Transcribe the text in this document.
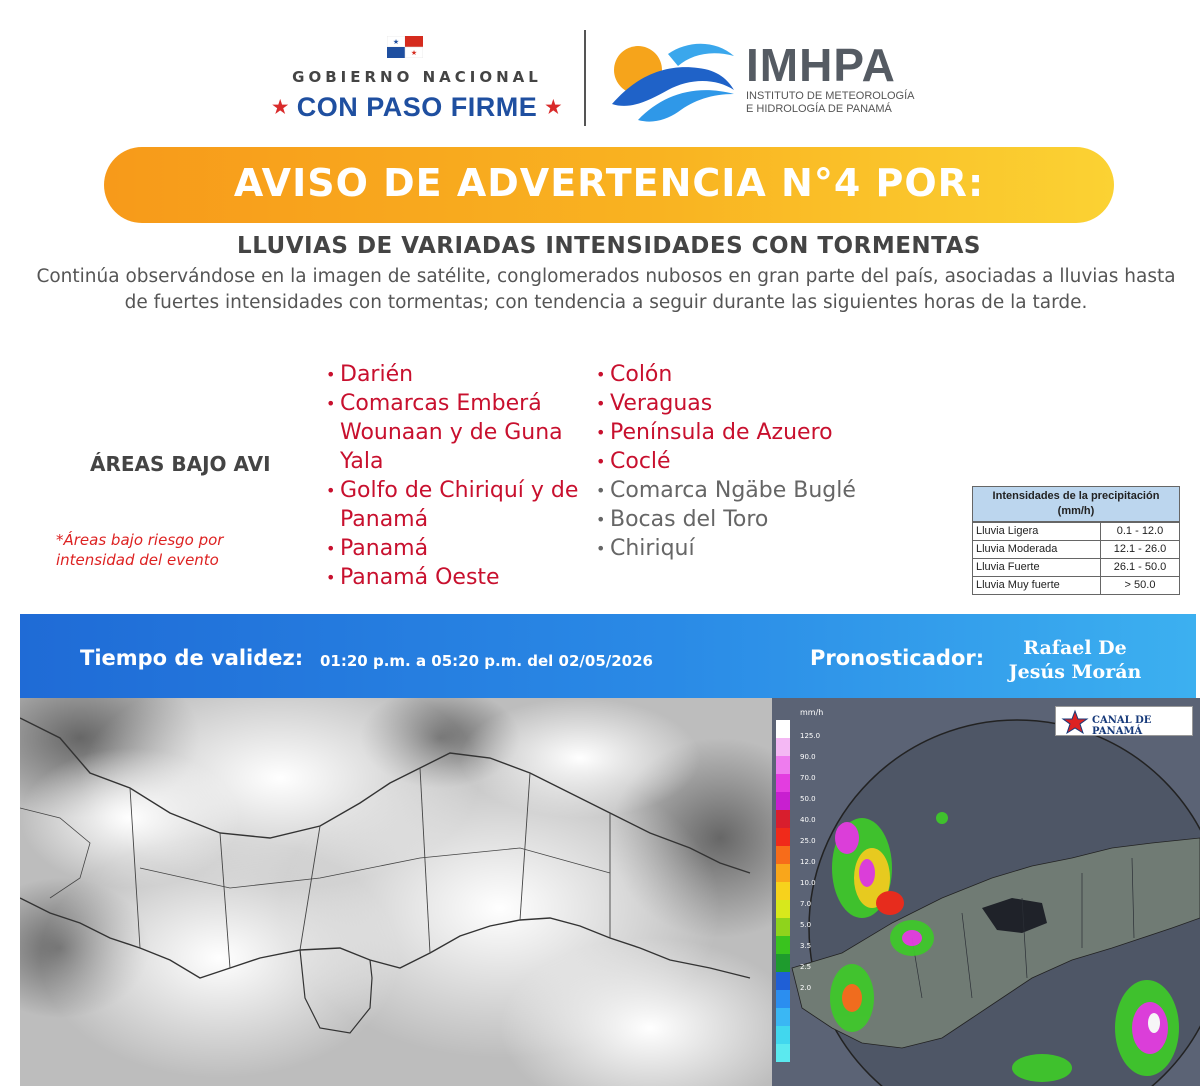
★
★
GOBIERNO NACIONAL
★ CON PASO FIRME ★
IMHPA
INSTITUTO DE METEOROLOGÍA
E HIDROLOGÍA DE PANAMÁ
AVISO DE ADVERTENCIA N°4 POR:
LLUVIAS DE VARIADAS INTENSIDADES CON TORMENTAS
Continúa observándose en la imagen de satélite, conglomerados nubosos en gran parte del país, asociadas a lluvias hasta de fuertes intensidades con tormentas; con tendencia a seguir durante las siguientes horas de la tarde.
ÁREAS BAJO AVI
*Áreas bajo riesgo por intensidad del evento
• Darién
• Comarcas Emberá Wounaan y de Guna Yala
• Golfo de Chiriquí y de Panamá
• Panamá
• Panamá Oeste
• Colón
• Veraguas
• Península de Azuero
• Coclé
• Comarca Ngäbe Buglé
• Bocas del Toro
• Chiriquí
Intensidades de la precipitación (mm/h)
Lluvia Ligera	0.1 - 12.0
Lluvia Moderada	12.1 - 26.0
Lluvia Fuerte	26.1 - 50.0
Lluvia Muy fuerte	> 50.0
Tiempo de validez: 01:20 p.m. a 05:20 p.m. del 02/05/2026	Pronosticador:	Rafael De
Jesús Morán
mm/h
125.0
90.0
70.0
50.0
40.0
25.0
12.0
10.0
7.0
5.0
3.5
2.5
2.0
CANAL DE PANAMÁ
